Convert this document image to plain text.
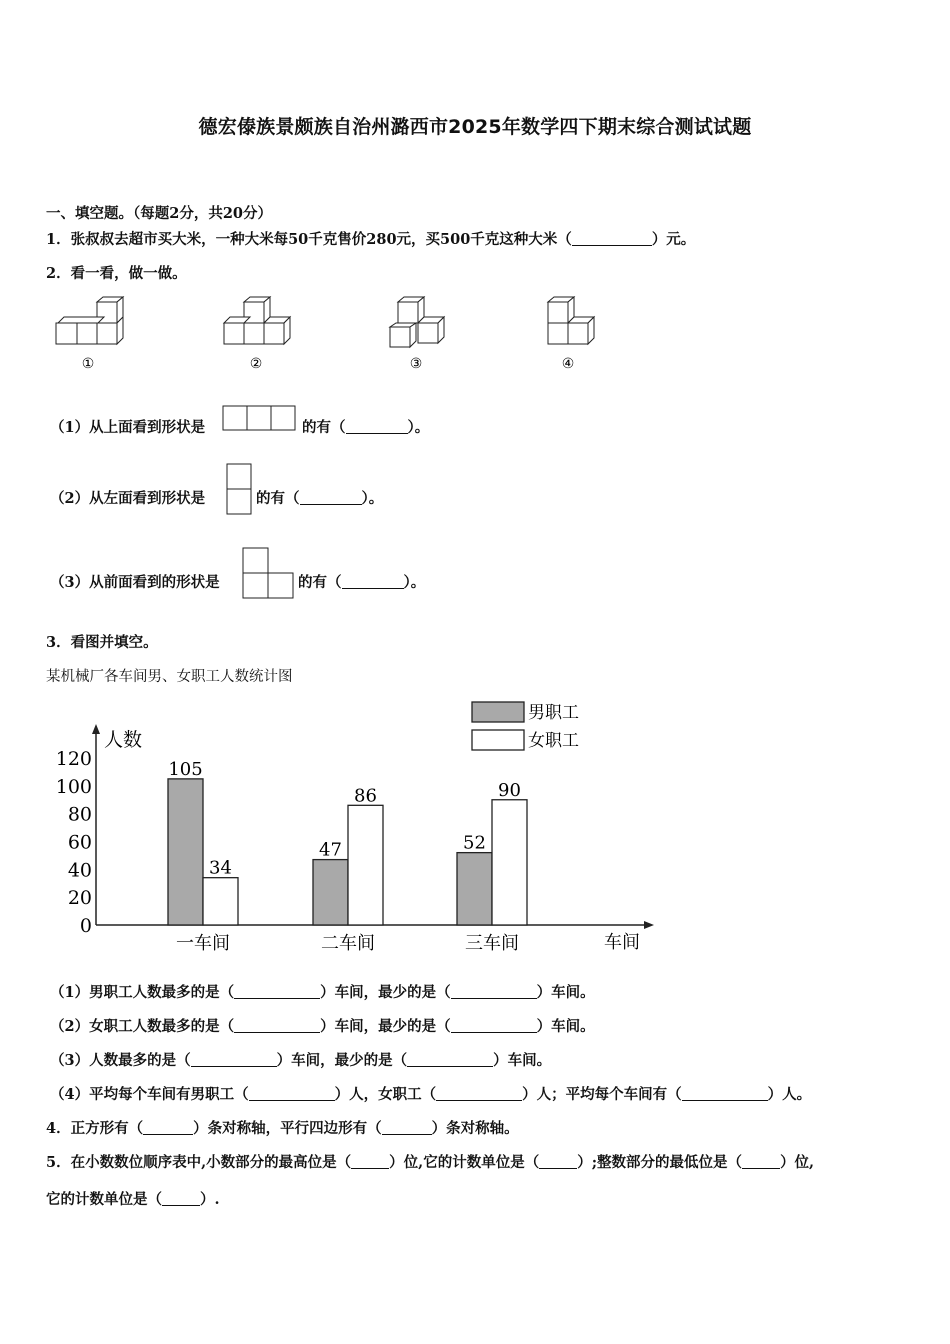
德宏傣族景颇族自治州潞西市2025年数学四下期末综合测试试题
一、填空题。（每题2分，共20分）
1．张叔叔去超市买大米，一种大米每50千克售价280元，买500千克这种大米（	）元。
2．看一看，做一做。
①	②	③	④
（1）从上面看到形状是	的有（	）。
（2）从左面看到形状是	的有（	）。
（3）从前面看到的形状是	的有（	）。
3．看图并填空。
某机械厂各车间男、女职工人数统计图
人数
车间
0
20
40
60
80
100
120	105
34
47
86
52
90
一车间	二车间	三车间
男职工
女职工
（1）男职工人数最多的是（	）车间，最少的是（	）车间。
（2）女职工人数最多的是（	）车间，最少的是（	）车间。
（3）人数最多的是（	）车间，最少的是（	）车间。
（4）平均每个车间有男职工（	）人，女职工（	）人；平均每个车间有（	）人。
4．正方形有（	）条对称轴，平行四边形有（	）条对称轴。
5．在小数数位顺序表中,小数部分的最高位是（	）位,它的计数单位是（	）;整数部分的最低位是（	）位,
它的计数单位是（	）.
